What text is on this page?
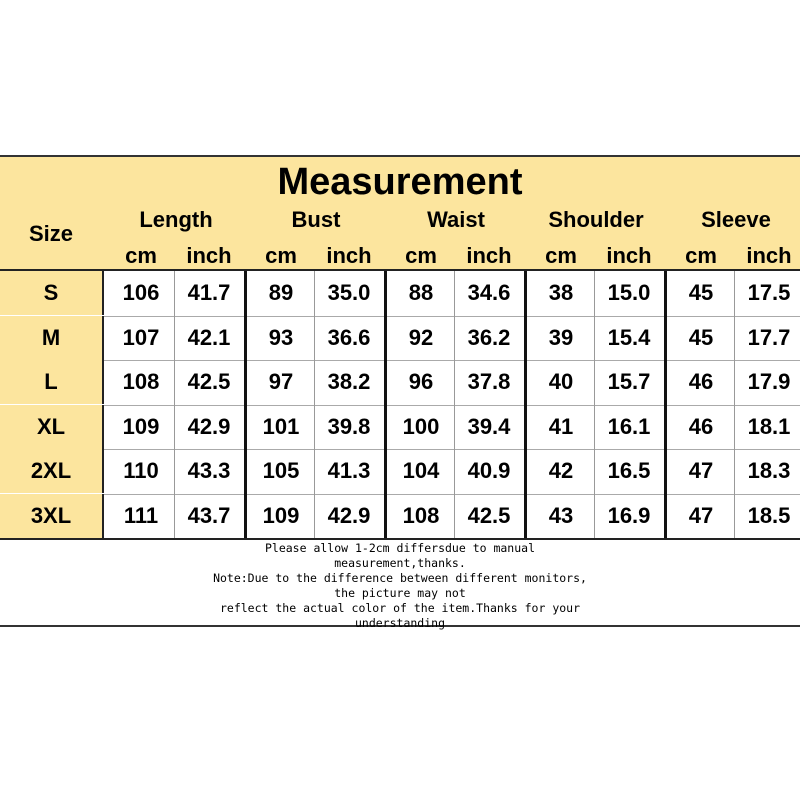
Measurement
Size
Length
cm	inch
Bust
cm	inch
Waist
cm	inch
Shoulder
cm	inch
Sleeve
cm	inch
S	106	41.7	89	35.0	88	34.6	38	15.0	45	17.5
M	107	42.1	93	36.6	92	36.2	39	15.4	45	17.7
L	108	42.5	97	38.2	96	37.8	40	15.7	46	17.9
XL	109	42.9	101	39.8	100	39.4	41	16.1	46	18.1
2XL	110	43.3	105	41.3	104	40.9	42	16.5	47	18.3
3XL	111	43.7	109	42.9	108	42.5	43	16.9	47	18.5
Please allow 1-2cm differsdue to manual
measurement,thanks.
Note:Due to the difference between different monitors,
the picture may not
reflect the actual color of the item.Thanks for your
understanding
